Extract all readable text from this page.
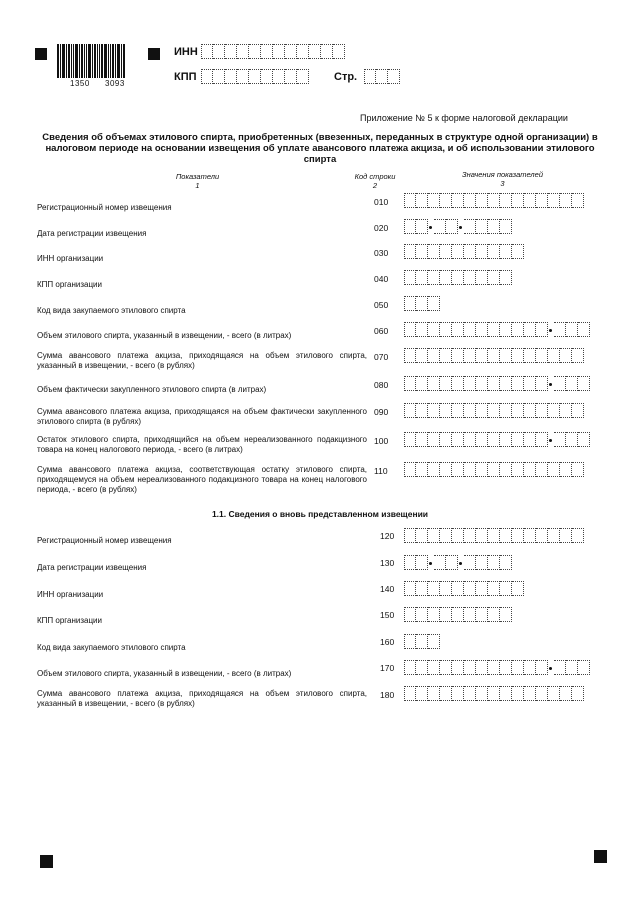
1350 3093
ИНН
КПП	Стр.
Приложение № 5 к форме налоговой декларации
Сведения об объемах этилового спирта, приобретенных (ввезенных, переданных в структуре одной организации) в налоговом периоде на основании извещения об уплате авансового платежа акциза, и об использовании этилового спирта
Показатели
1
Код строки
2
Значения показателей
3
Регистрационный номер извещения
010
Дата регистрации извещения
020
ИНН организации
030
КПП организации
040
Код вида закупаемого этилового спирта
050
Объем этилового спирта, указанный в извещении, - всего (в литрах)	060
Сумма авансового платежа акциза, приходящаяся на объем этилового спирта, указанный в извещении, - всего (в рублях)
070
Объем фактически закупленного этилового спирта (в литрах)	080
Сумма авансового платежа акциза, приходящаяся на объем фактически закупленного этилового спирта (в рублях)
090
Остаток этилового спирта, приходящийся на объем нереализованного подакцизного товара на конец налогового периода, - всего (в литрах)
100
Сумма авансового платежа акциза, соответствующая остатку этилового спирта, приходящемуся на объем нереализованного подакцизного товара на конец налогового периода, - всего (в рублях)
110
1.1. Сведения о вновь представленном извещении
Регистрационный номер извещения	120
Дата регистрации извещения	130
ИНН организации
140
КПП организации
150
Код вида закупаемого этилового спирта
160
Объем этилового спирта, указанный в извещении, - всего (в литрах)
170
Сумма авансового платежа акциза, приходящаяся на объем этилового спирта, указанный в извещении, - всего (в рублях)
180
